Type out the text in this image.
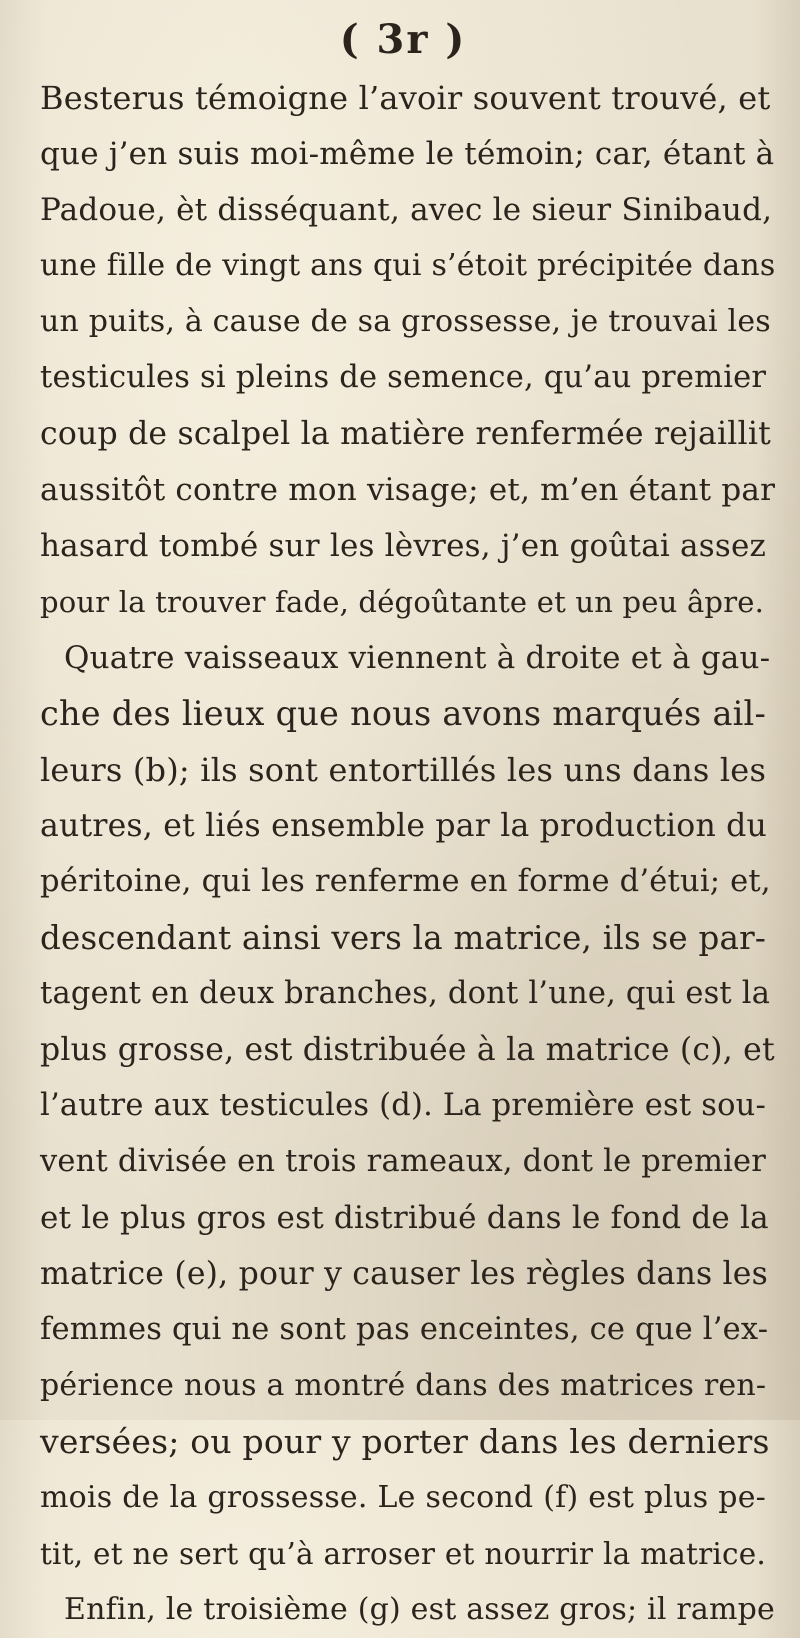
( 3r )
Besterus témoigne l’avoir souvent trouvé, et
que j’en suis moi-même le témoin; car, étant à
Padoue, èt disséquant, avec le sieur Sinibaud,
une fille de vingt ans qui s’étoit précipitée dans
un puits, à cause de sa grossesse, je trouvai les
testicules si pleins de semence, qu’au premier
coup de scalpel la matière renfermée rejaillit
aussitôt contre mon visage; et, m’en étant par
hasard tombé sur les lèvres, j’en goûtai assez
pour la trouver fade, dégoûtante et un peu âpre.
Quatre vaisseaux viennent à droite et à gau-
che des lieux que nous avons marqués ail-
leurs (b); ils sont entortillés les uns dans les
autres, et liés ensemble par la production du
péritoine, qui les renferme en forme d’étui; et,
descendant ainsi vers la matrice, ils se par-
tagent en deux branches, dont l’une, qui est la
plus grosse, est distribuée à la matrice (c), et
l’autre aux testicules (d). La première est sou-
vent divisée en trois rameaux, dont le premier
et le plus gros est distribué dans le fond de la
matrice (e), pour y causer les règles dans les
femmes qui ne sont pas enceintes, ce que l’ex-
périence nous a montré dans des matrices ren-
versées; ou pour y porter dans les derniers
mois de la grossesse. Le second (f) est plus pe-
tit, et ne sert qu’à arroser et nourrir la matrice.
Enfin, le troisième (g) est assez gros; il rampe
